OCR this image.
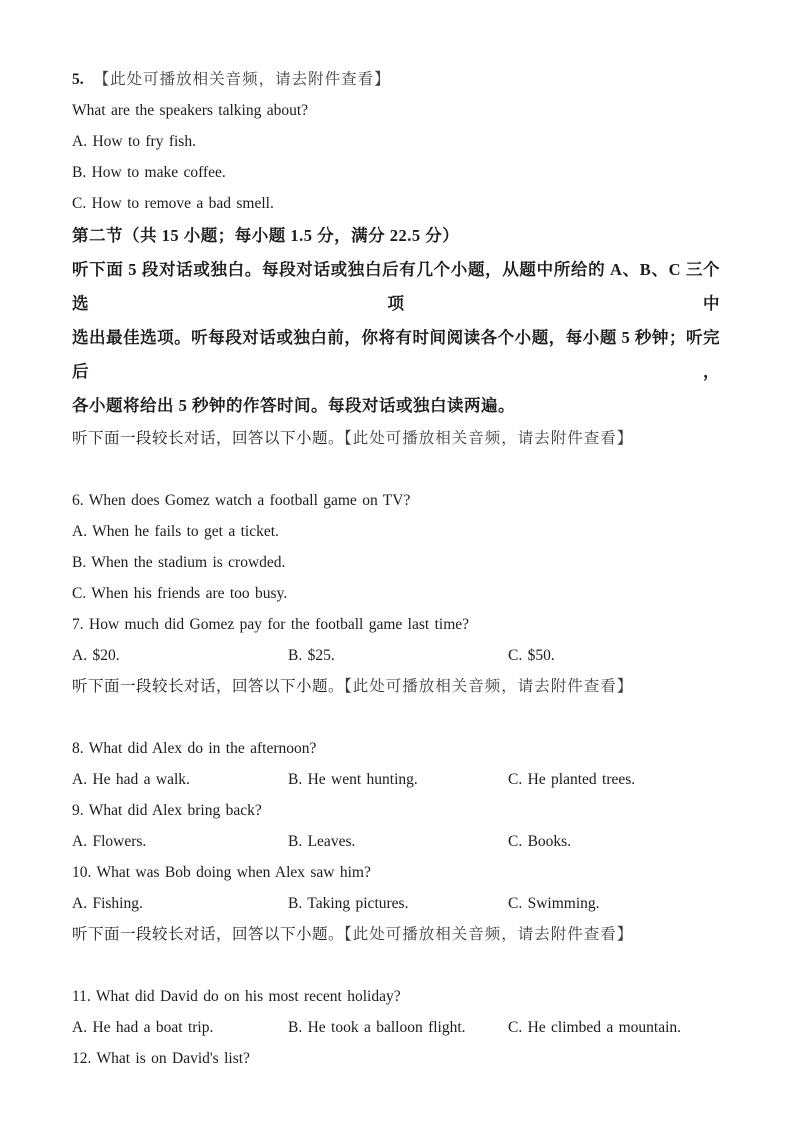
5. 【此处可播放相关音频，请去附件查看】
What are the speakers talking about?
A. How to fry fish.
B. How to make coffee.
C. How to remove a bad smell.
第二节（共 15 小题；每小题 1.5 分，满分 22.5 分）
听下面 5 段对话或独白。每段对话或独白后有几个小题，从题中所给的 A、B、C 三个选项中
选出最佳选项。听每段对话或独白前，你将有时间阅读各个小题，每小题 5 秒钟；听完后，
各小题将给出 5 秒钟的作答时间。每段对话或独白读两遍。
听下面一段较长对话，回答以下小题。【此处可播放相关音频，请去附件查看】
6. When does Gomez watch a football game on TV?
A. When he fails to get a ticket.
B. When the stadium is crowded.
C. When his friends are too busy.
7. How much did Gomez pay for the football game last time?
A. $20.	B. $25.	C. $50.
听下面一段较长对话，回答以下小题。【此处可播放相关音频，请去附件查看】
8. What did Alex do in the afternoon?
A. He had a walk.	B. He went hunting.	C. He planted trees.
9. What did Alex bring back?
A. Flowers.	B. Leaves.	C. Books.
10. What was Bob doing when Alex saw him?
A. Fishing.	B. Taking pictures.	C. Swimming.
听下面一段较长对话，回答以下小题。【此处可播放相关音频，请去附件查看】
11. What did David do on his most recent holiday?
A. He had a boat trip.	B. He took a balloon flight.	C. He climbed a mountain.
12. What is on David's list?
